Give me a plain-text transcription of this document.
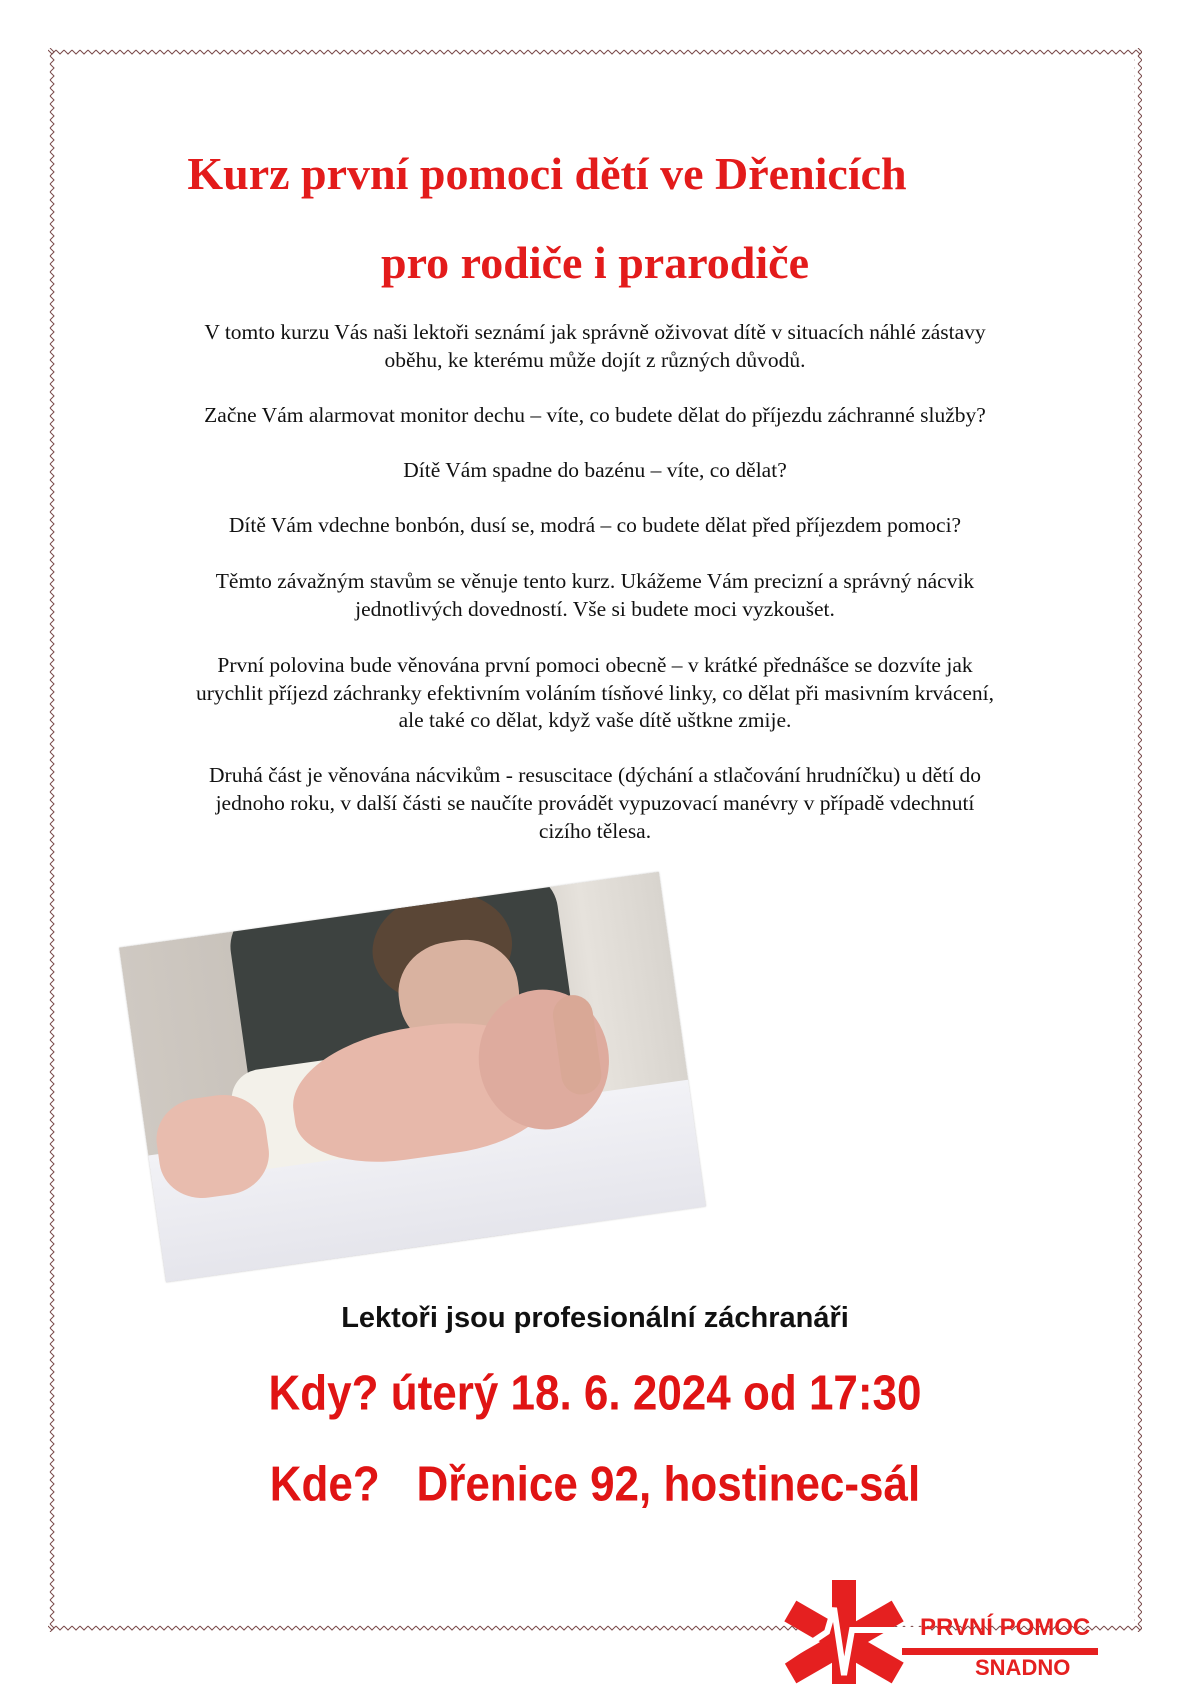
Kurz první pomoci dětí ve Dřenicích
pro rodiče i prarodiče
V tomto kurzu Vás naši lektoři seznámí jak správně oživovat dítě v situacích náhlé zástavy
oběhu, ke kterému může dojít z různých důvodů.
Začne Vám alarmovat monitor dechu – víte, co budete dělat do příjezdu záchranné služby?
Dítě Vám spadne do bazénu – víte, co dělat?
Dítě Vám vdechne bonbón, dusí se, modrá – co budete dělat před příjezdem pomoci?
Těmto závažným stavům se věnuje tento kurz. Ukážeme Vám precizní a správný nácvik
jednotlivých dovedností. Vše si budete moci vyzkoušet.
První polovina bude věnována první pomoci obecně – v krátké přednášce se dozvíte jak
urychlit příjezd záchranky efektivním voláním tísňové linky, co dělat při masivním krvácení,
ale také co dělat, když vaše dítě uštkne zmije.
Druhá část je věnována nácvikům - resuscitace (dýchání a stlačování hrudníčku) u dětí do
jednoho roku, v další části se naučíte provádět vypuzovací manévry v případě vdechnutí
cizího tělesa.
Lektoři jsou profesionální záchranáři
Kdy? úterý 18. 6. 2024 od 17:30
Kde?   Dřenice 92, hostinec-sál
PRVNÍ POMOC
SNADNO
